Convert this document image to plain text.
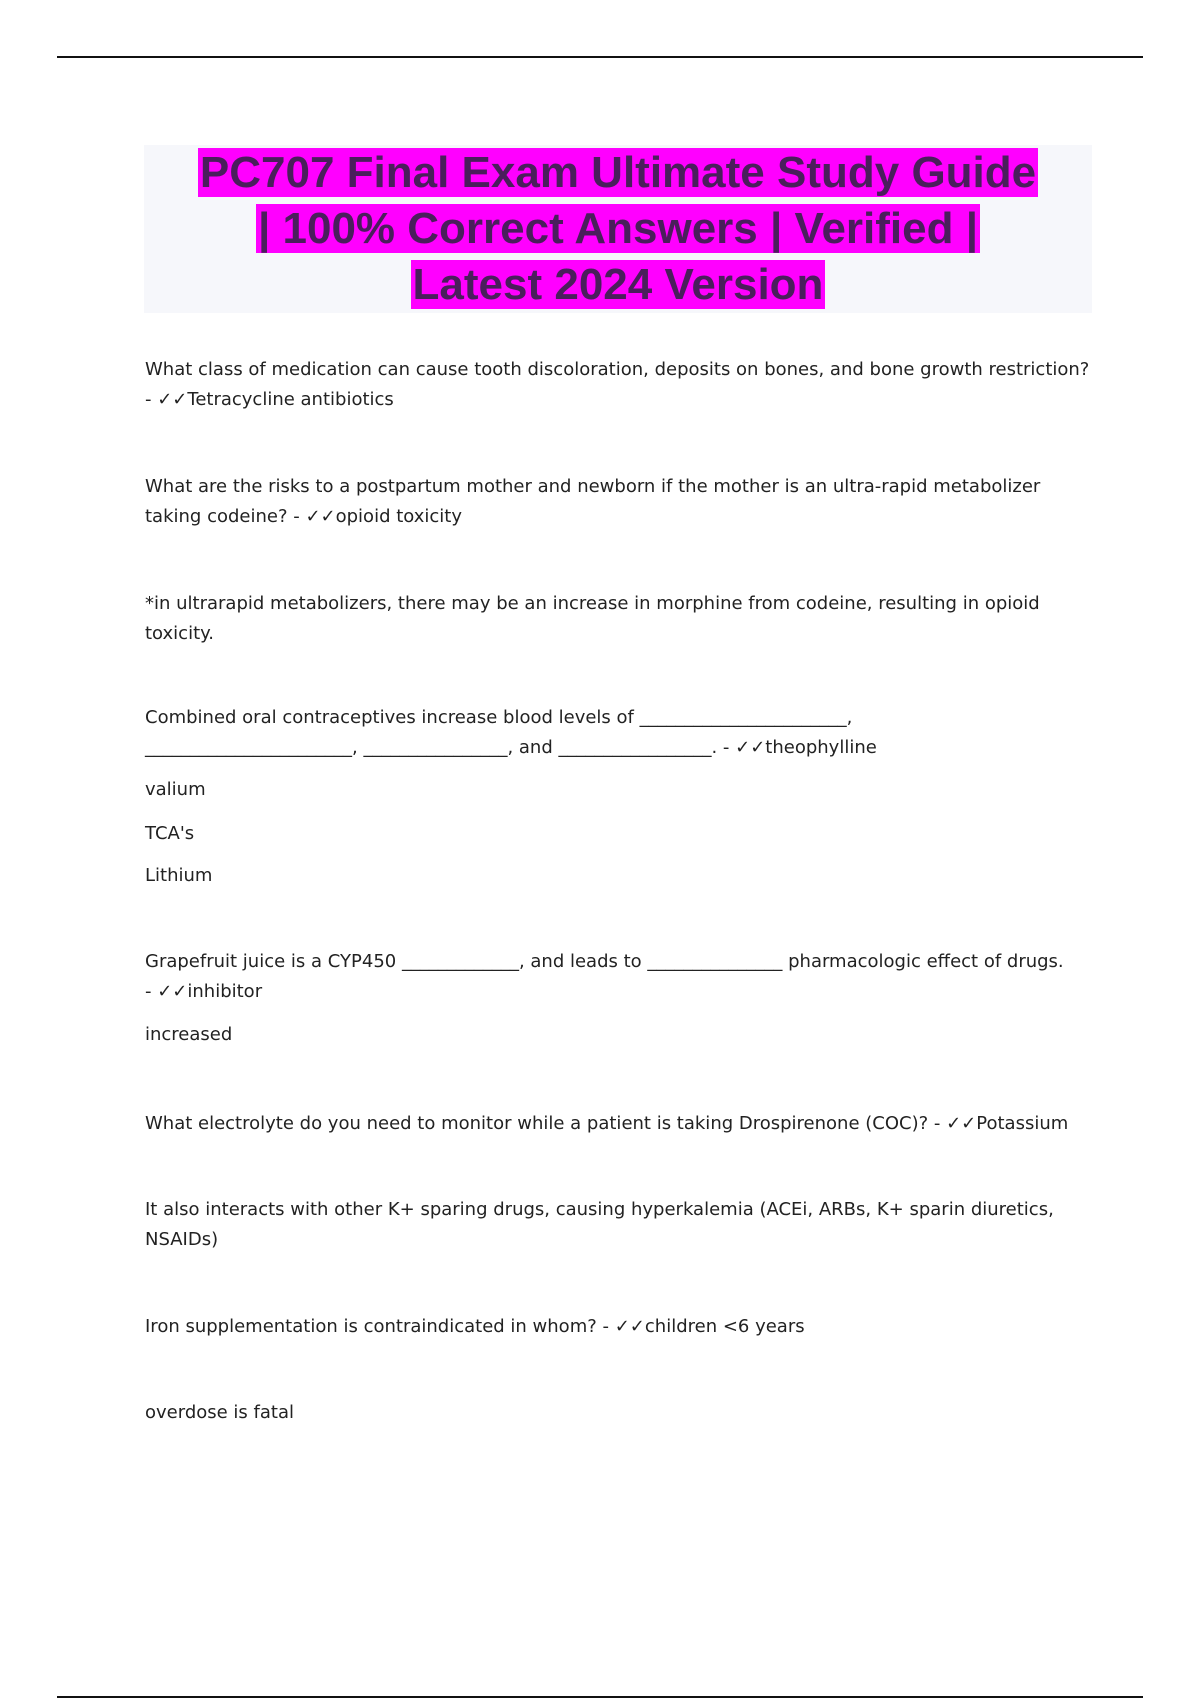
PC707 Final Exam Ultimate Study Guide
| 100% Correct Answers | Verified |
Latest 2024 Version
What class of medication can cause tooth discoloration, deposits on bones, and bone growth restriction?
- ✓✓Tetracycline antibiotics
What are the risks to a postpartum mother and newborn if the mother is an ultra-rapid metabolizer
taking codeine? - ✓✓opioid toxicity
*in ultrarapid metabolizers, there may be an increase in morphine from codeine, resulting in opioid
toxicity.
Combined oral contraceptives increase blood levels of _______________________,
_______________________, ________________, and _________________. - ✓✓theophylline
valium
TCA's
Lithium
Grapefruit juice is a CYP450 _____________, and leads to _______________ pharmacologic effect of drugs.
- ✓✓inhibitor
increased
What electrolyte do you need to monitor while a patient is taking Drospirenone (COC)? - ✓✓Potassium
It also interacts with other K+ sparing drugs, causing hyperkalemia (ACEi, ARBs, K+ sparin diuretics,
NSAIDs)
Iron supplementation is contraindicated in whom? - ✓✓children <6 years
overdose is fatal
